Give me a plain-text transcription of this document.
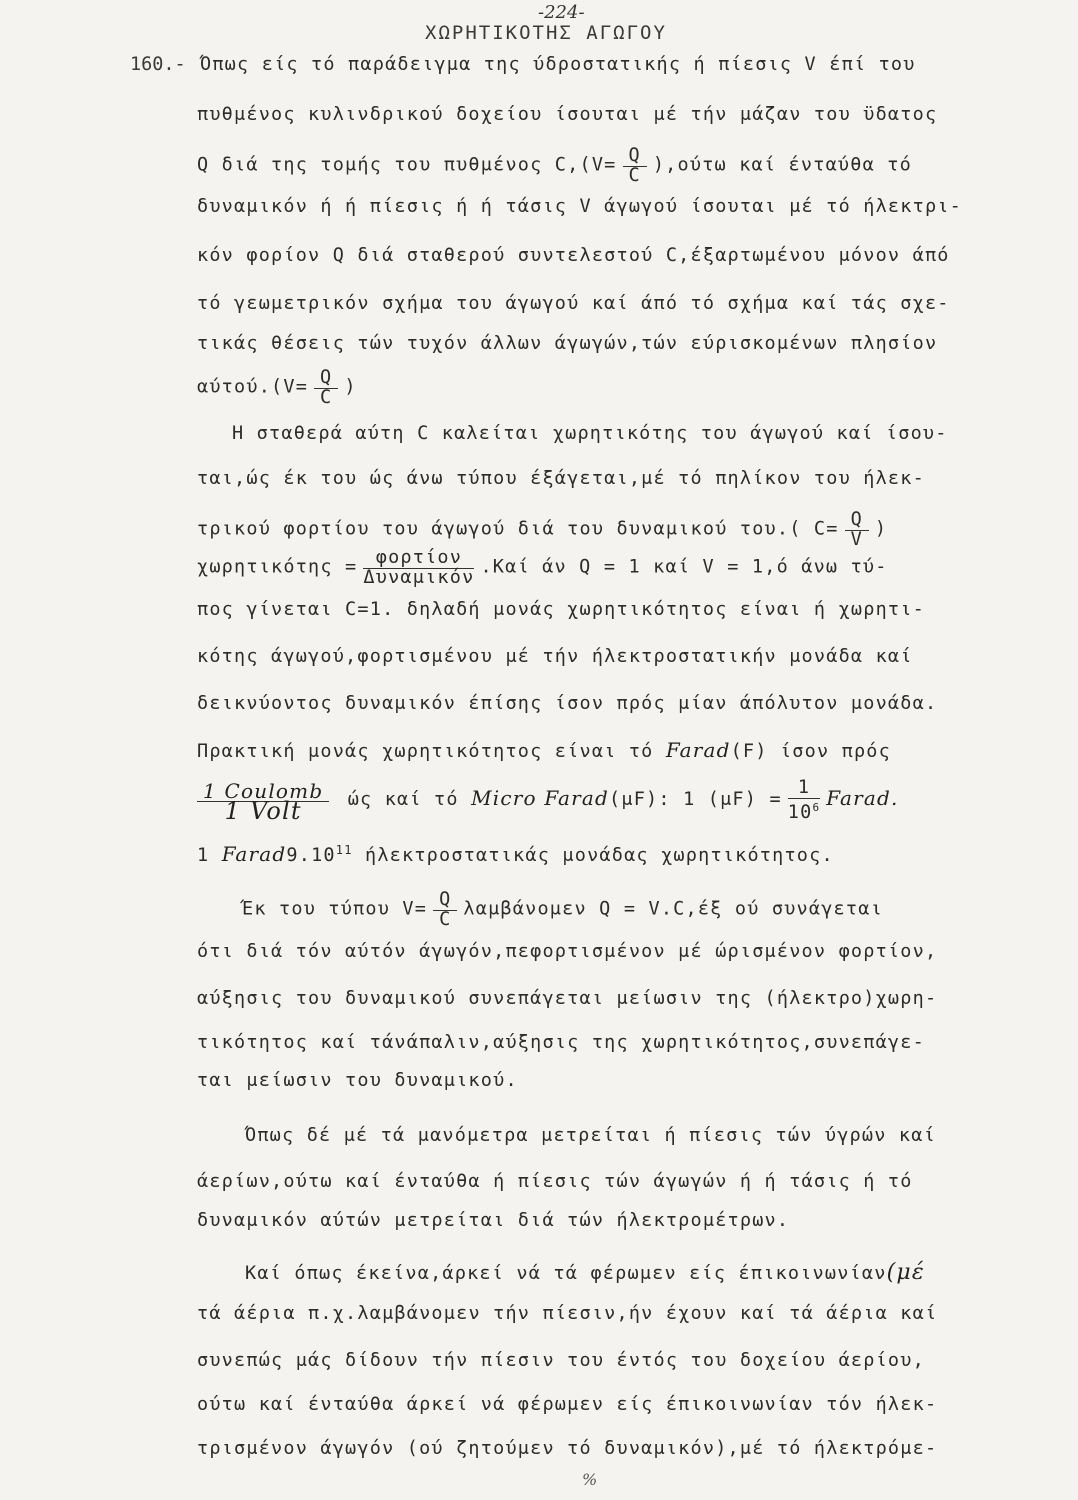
-224-
ΧΩΡΗΤΙΚΟΤΗΣ ΑΓΩΓΟΥ
160.- Όπως είς τό παράδειγμα της ύδροστατικής ή πίεσις V έπί του
πυθμένος κυλινδρικού δοχείου ίσουται μέ τήν μάζαν του ϋδατος
Q διά της τομής του πυθμένος $C,(V= \frac{Q}{C} ),oύ\tau\omega$ καί ένταύθα τό
δυναμικόν ή ή πίεσις ή ή τάσις V άγωγού ίσουται μέ τό ήλεκτρι-
κόν φορίον Q διά σταθερού συντελεστού C,έξαρτωμένου μόνον άπό
τό γεωμετρικόν σχήμα του άγωγού καί άπό τό σχήμα καί τάς σχε-
τικάς θέσεις τών τυχόν άλλων άγωγών,τών εύρισκομένων πλησίον
$\alpha ύ\tau oύ.(V= \frac{Q}{C}$ )
Η σταθερά αύτη C καλείται χωρητικότης του άγωγού καί ίσου-
ται,ώς έκ του ώς άνω τύπου έξάγεται,μέ τό πηλίκον του ήλεκ-
τρικού φορτίου του άγωγού διά του δυναμικού του.( $C= \frac{Q}{V}$ )
$\chi\omega\rho\eta\tau\iota\kappa ό\tau\eta\varsigma = \frac{\text{φορτίον}}{\text{Δυναμικόν}} .K\alpha ί$ άν Q = 1 καί V = 1,ό άνω τύ-
πος γίνεται C=1. δηλαδή μονάς χωρητικότητος είναι ή χωρητι-
κότης άγωγού,φορτισμένου μέ τήν ήλεκτροστατικήν μονάδα καί
δεικνύοντος δυναμικόν έπίσης ίσον πρός μίαν άπόλυτον μονάδα.
Πρακτική μονάς χωρητικότητος είναι τό Farad(F) ίσον πρός
$\frac{\text{1 Coulomb}}{\text{1 Volt}}$ ώς καί τό Micro Farad(μF): 1 $(\mu F) = \frac{1}{10^6}$ Farad.
1 Farad9.10$^{11}$ ήλεκτροστατικάς μονάδας χωρητικότητος.
Έκ του τύπου $V= \frac{Q}{C}$ λαμβάνομεν Q = V.C,έξ ού συνάγεται
ότι διά τόν αύτόν άγωγόν,πεφορτισμένον μέ ώρισμένον φορτίον,
αύξησις του δυναμικού συνεπάγεται μείωσιν της (ήλεκτρο)χωρη-
τικότητος καί τάνάπαλιν,αύξησις της χωρητικότητος,συνεπάγε-
ται μείωσιν του δυναμικού.
Όπως δέ μέ τά μανόμετρα μετρείται ή πίεσις τών ύγρών καί
άερίων,ούτω καί ένταύθα ή πίεσις τών άγωγών ή ή τάσις ή τό
δυναμικόν αύτών μετρείται διά τών ήλεκτρομέτρων.
Καί όπως έκείνα,άρκεί νά τά φέρωμεν είς έπικοινωνίαν(μέ
τά άέρια π.χ.λαμβάνομεν τήν πίεσιν,ήν έχουν καί τά άέρια καί
συνεπώς μάς δίδουν τήν πίεσιν του έντός του δοχείου άερίου,
ούτω καί ένταύθα άρκεί νά φέρωμεν είς έπικοινωνίαν τόν ήλεκ-
τρισμένον άγωγόν (ού ζητούμεν τό δυναμικόν),μέ τό ήλεκτρόμε-
%
